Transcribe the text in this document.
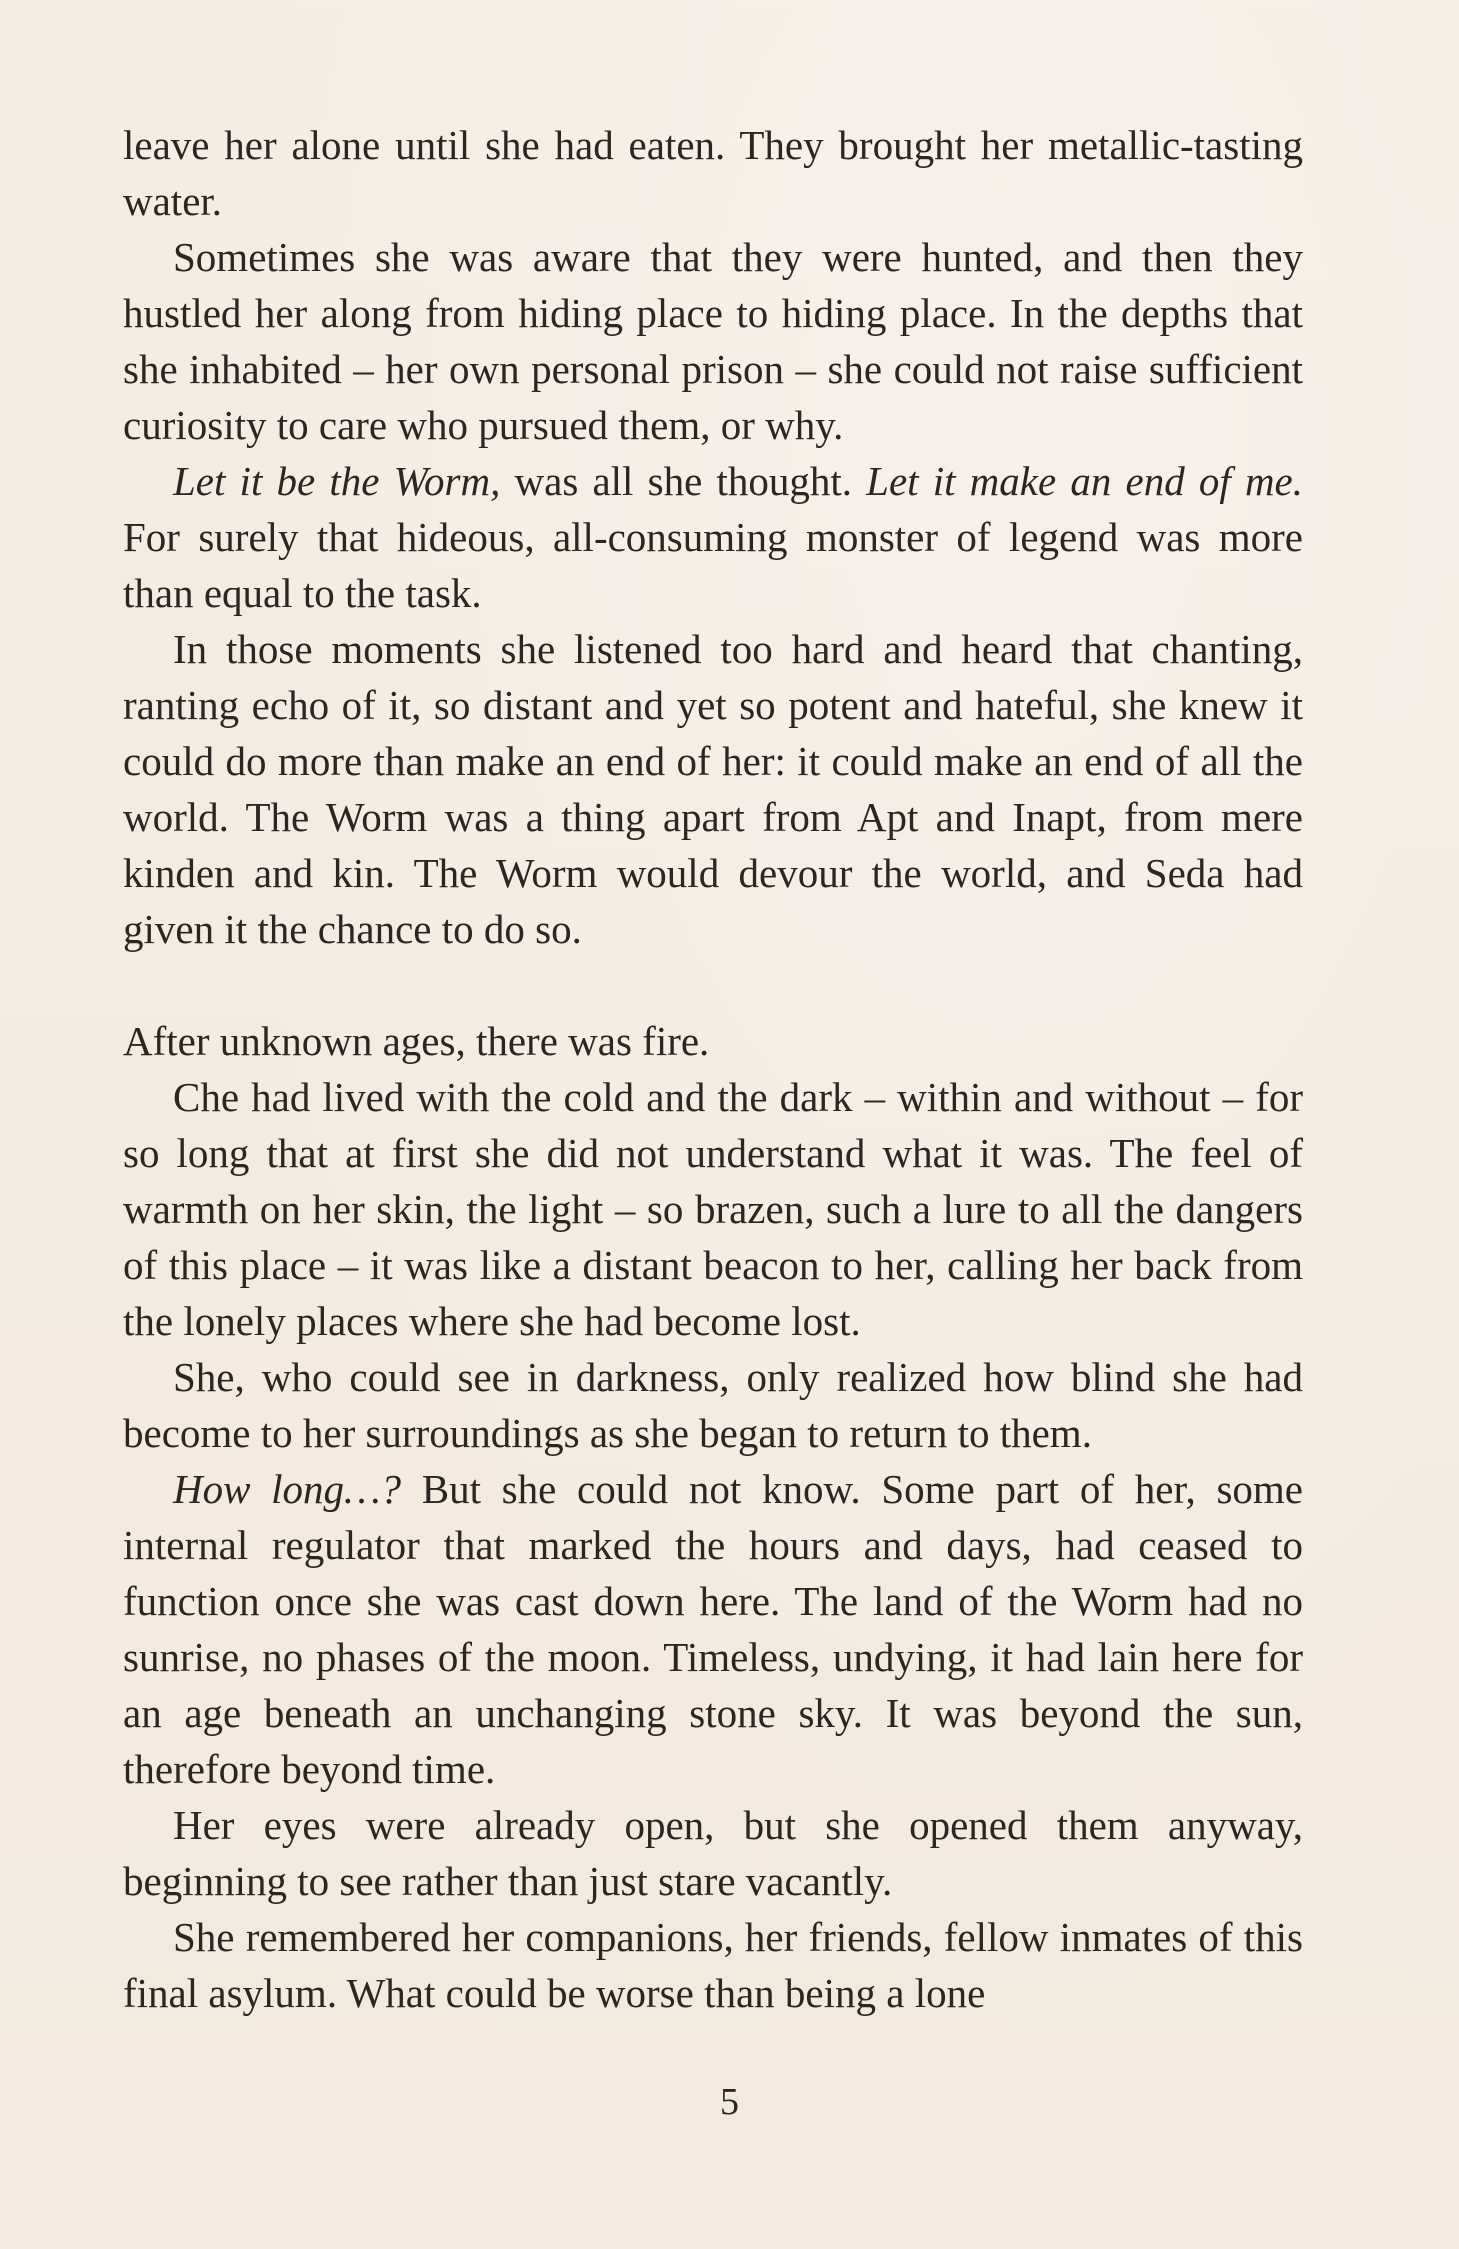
leave her alone until she had eaten. They brought her metallic-tasting water.

Sometimes she was aware that they were hunted, and then they hustled her along from hiding place to hiding place. In the depths that she inhabited – her own personal prison – she could not raise sufficient curiosity to care who pursued them, or why.

Let it be the Worm, was all she thought. Let it make an end of me. For surely that hideous, all-consuming monster of legend was more than equal to the task.

In those moments she listened too hard and heard that chanting, ranting echo of it, so distant and yet so potent and hateful, she knew it could do more than make an end of her: it could make an end of all the world. The Worm was a thing apart from Apt and Inapt, from mere kinden and kin. The Worm would devour the world, and Seda had given it the chance to do so.

After unknown ages, there was fire.

Che had lived with the cold and the dark – within and without – for so long that at first she did not understand what it was. The feel of warmth on her skin, the light – so brazen, such a lure to all the dangers of this place – it was like a distant beacon to her, calling her back from the lonely places where she had become lost.

She, who could see in darkness, only realized how blind she had become to her surroundings as she began to return to them.

How long…? But she could not know. Some part of her, some internal regulator that marked the hours and days, had ceased to function once she was cast down here. The land of the Worm had no sunrise, no phases of the moon. Timeless, undying, it had lain here for an age beneath an unchanging stone sky. It was beyond the sun, therefore beyond time.

Her eyes were already open, but she opened them anyway, beginning to see rather than just stare vacantly.

She remembered her companions, her friends, fellow inmates of this final asylum. What could be worse than being a lone

5
